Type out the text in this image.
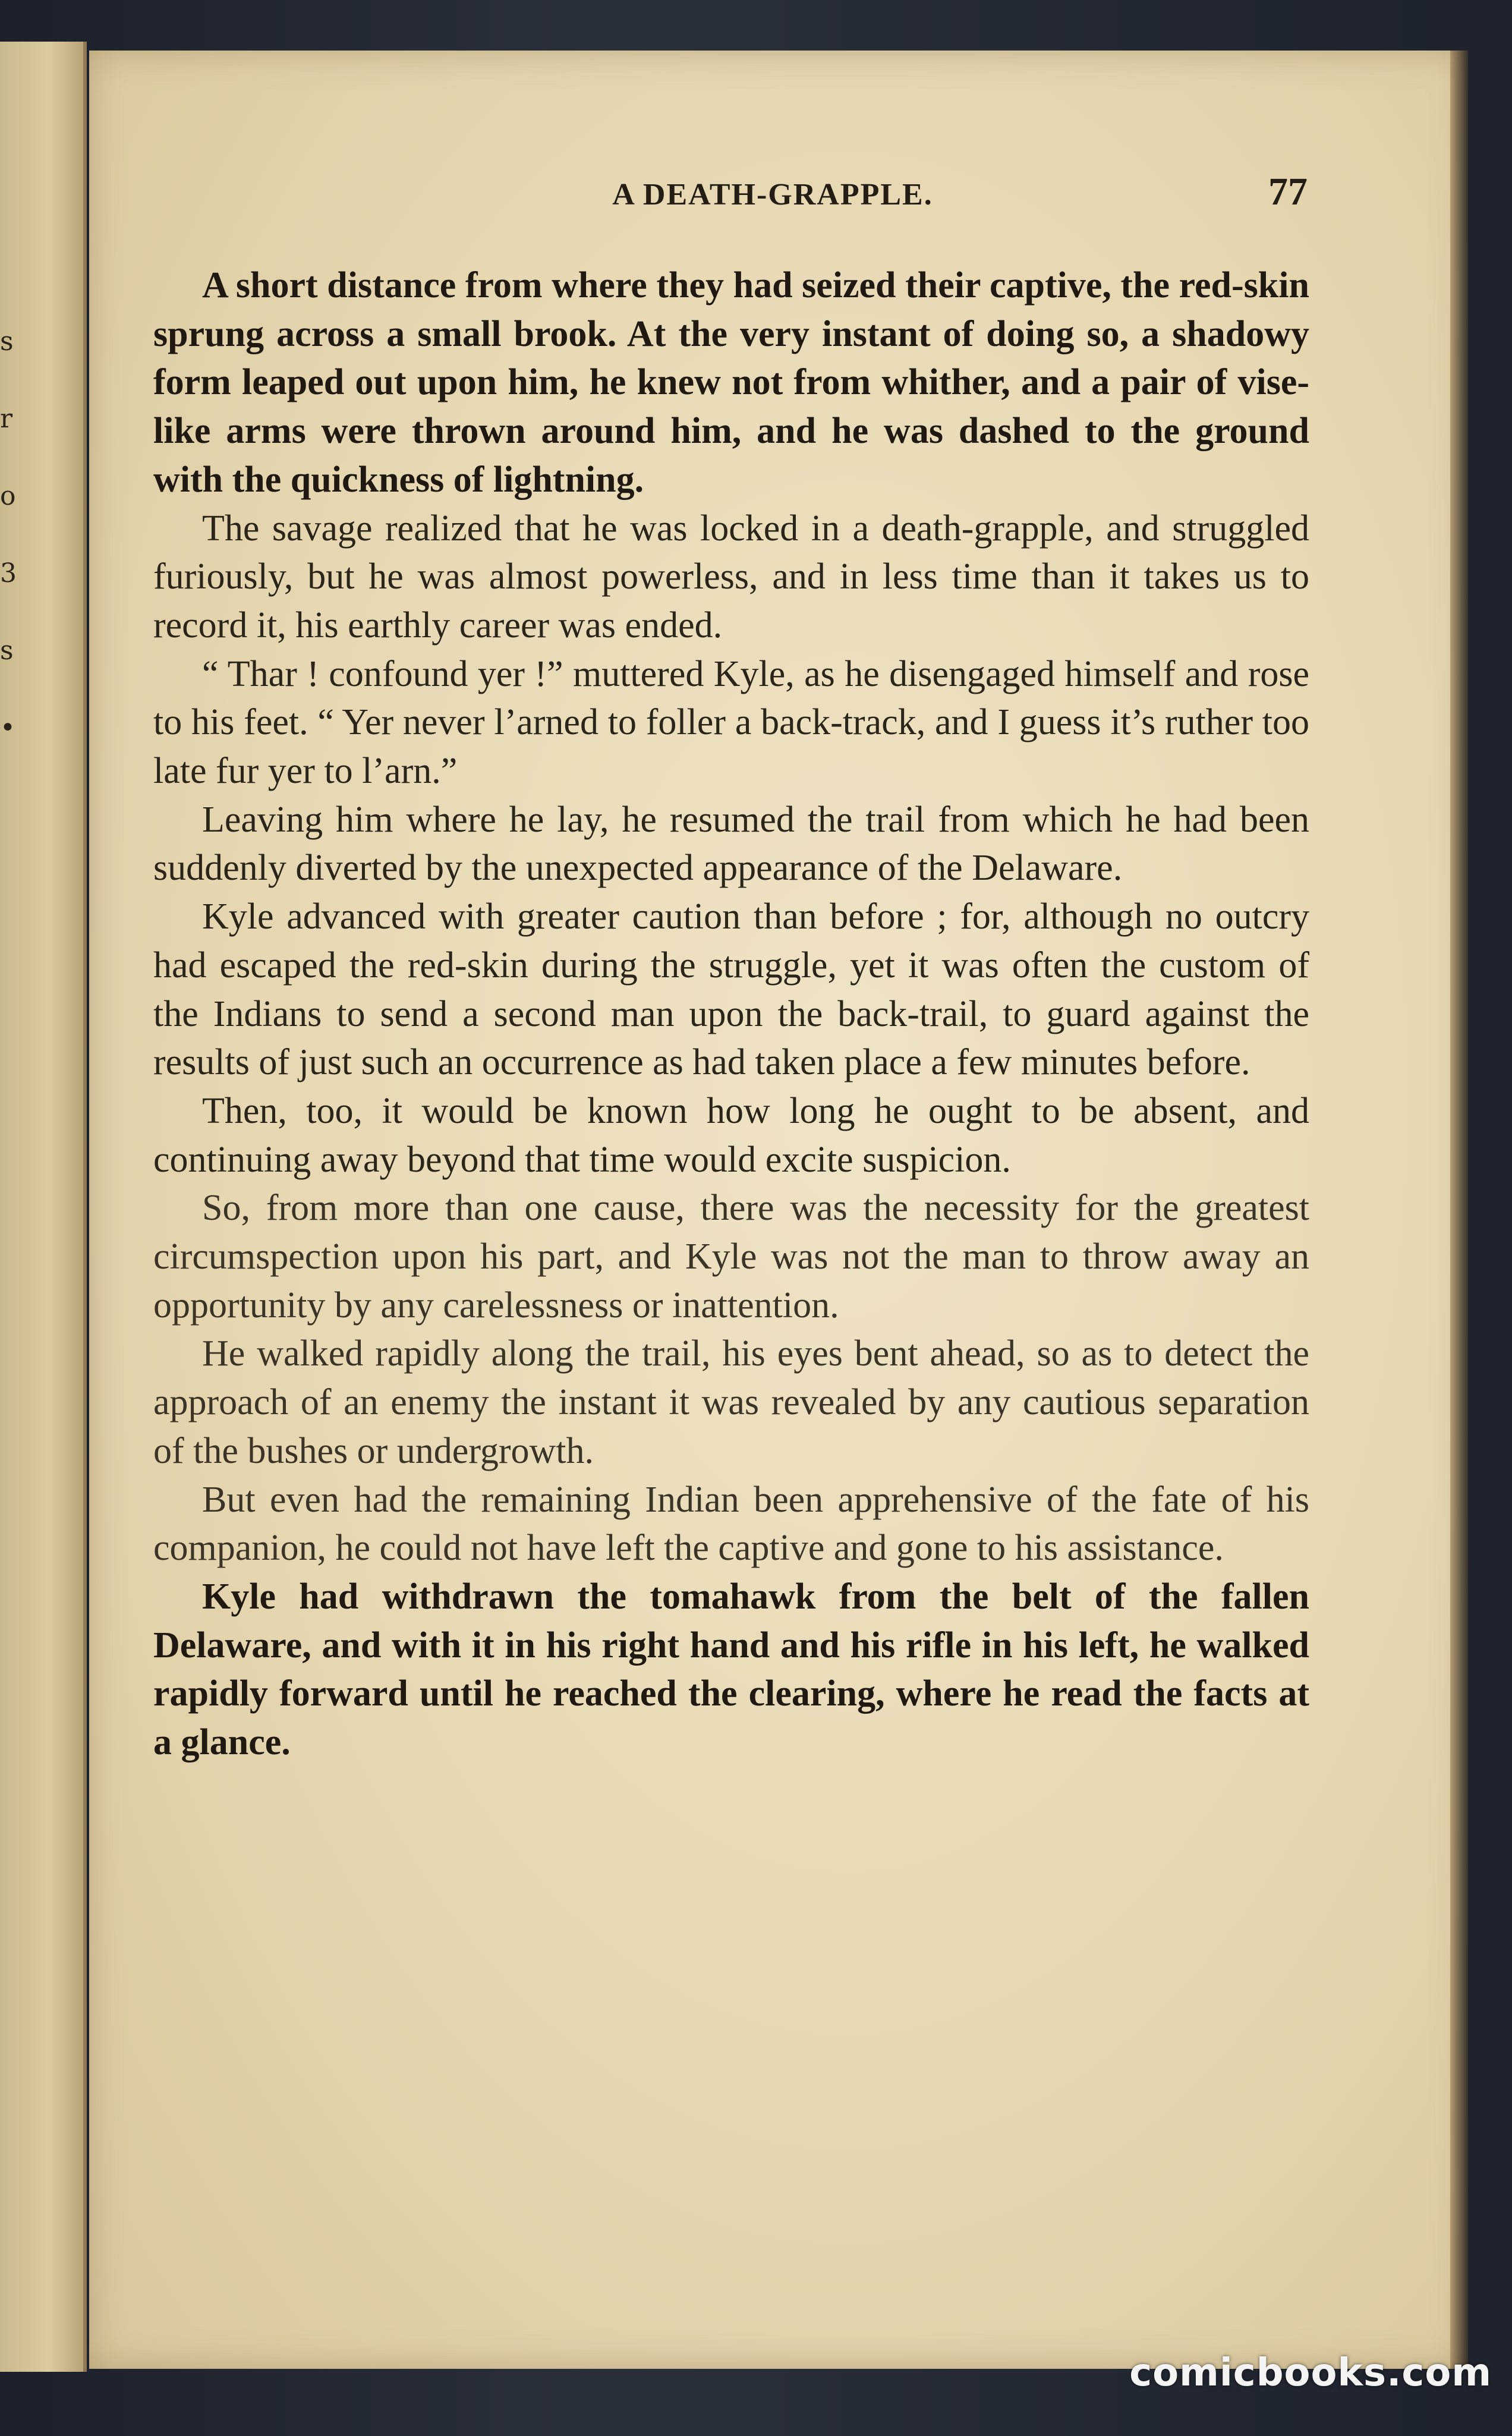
s
r
o
3
s
•
A DEATH-GRAPPLE.	77

A short distance from where they had seized their captive, the red-skin sprung across a small brook. At the very instant of doing so, a shadowy form leaped out upon him, he knew not from whither, and a pair of vise-like arms were thrown around him, and he was dashed to the ground with the quickness of lightning.

The savage realized that he was locked in a death-grapple, and struggled furiously, but he was almost powerless, and in less time than it takes us to record it, his earthly career was ended.

“ Thar ! confound yer !” muttered Kyle, as he disengaged himself and rose to his feet. “ Yer never l’arned to foller a back-track, and I guess it’s ruther too late fur yer to l’arn.”

Leaving him where he lay, he resumed the trail from which he had been suddenly diverted by the unexpected appearance of the Delaware.

Kyle advanced with greater caution than before ; for, although no outcry had escaped the red-skin during the struggle, yet it was often the custom of the Indians to send a second man upon the back-trail, to guard against the results of just such an occurrence as had taken place a few minutes before.

Then, too, it would be known how long he ought to be absent, and continuing away beyond that time would excite suspicion.

So, from more than one cause, there was the necessity for the greatest circumspection upon his part, and Kyle was not the man to throw away an opportunity by any carelessness or inattention.

He walked rapidly along the trail, his eyes bent ahead, so as to detect the approach of an enemy the instant it was revealed by any cautious separation of the bushes or undergrowth.

But even had the remaining Indian been apprehensive of the fate of his companion, he could not have left the captive and gone to his assistance.

Kyle had withdrawn the tomahawk from the belt of the fallen Delaware, and with it in his right hand and his rifle in his left, he walked rapidly forward until he reached the clearing, where he read the facts at a glance.

comicbooks.com
